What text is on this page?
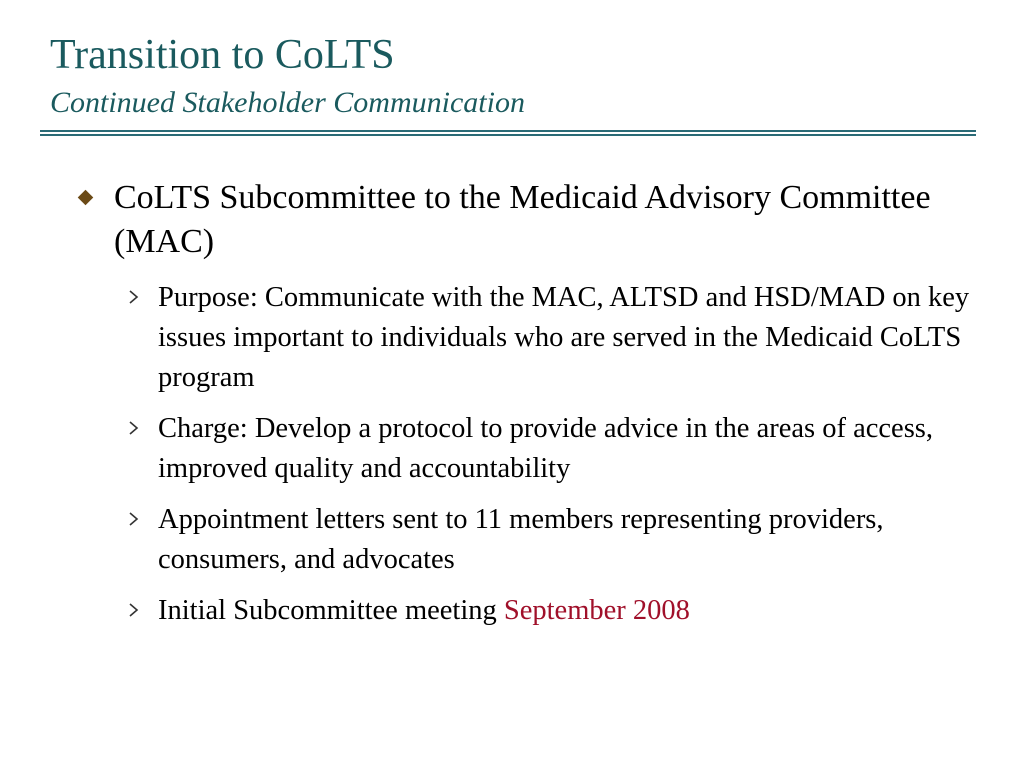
Transition to CoLTS
Continued Stakeholder Communication

CoLTS Subcommittee to the Medicaid Advisory Committee (MAC)

Purpose: Communicate with the MAC, ALTSD and HSD/MAD on key issues important to individuals who are served in the Medicaid CoLTS program
Charge: Develop a protocol to provide advice in the areas of access, improved quality and accountability
Appointment letters sent to 11 members representing providers, consumers, and advocates
Initial Subcommittee meeting September 2008
